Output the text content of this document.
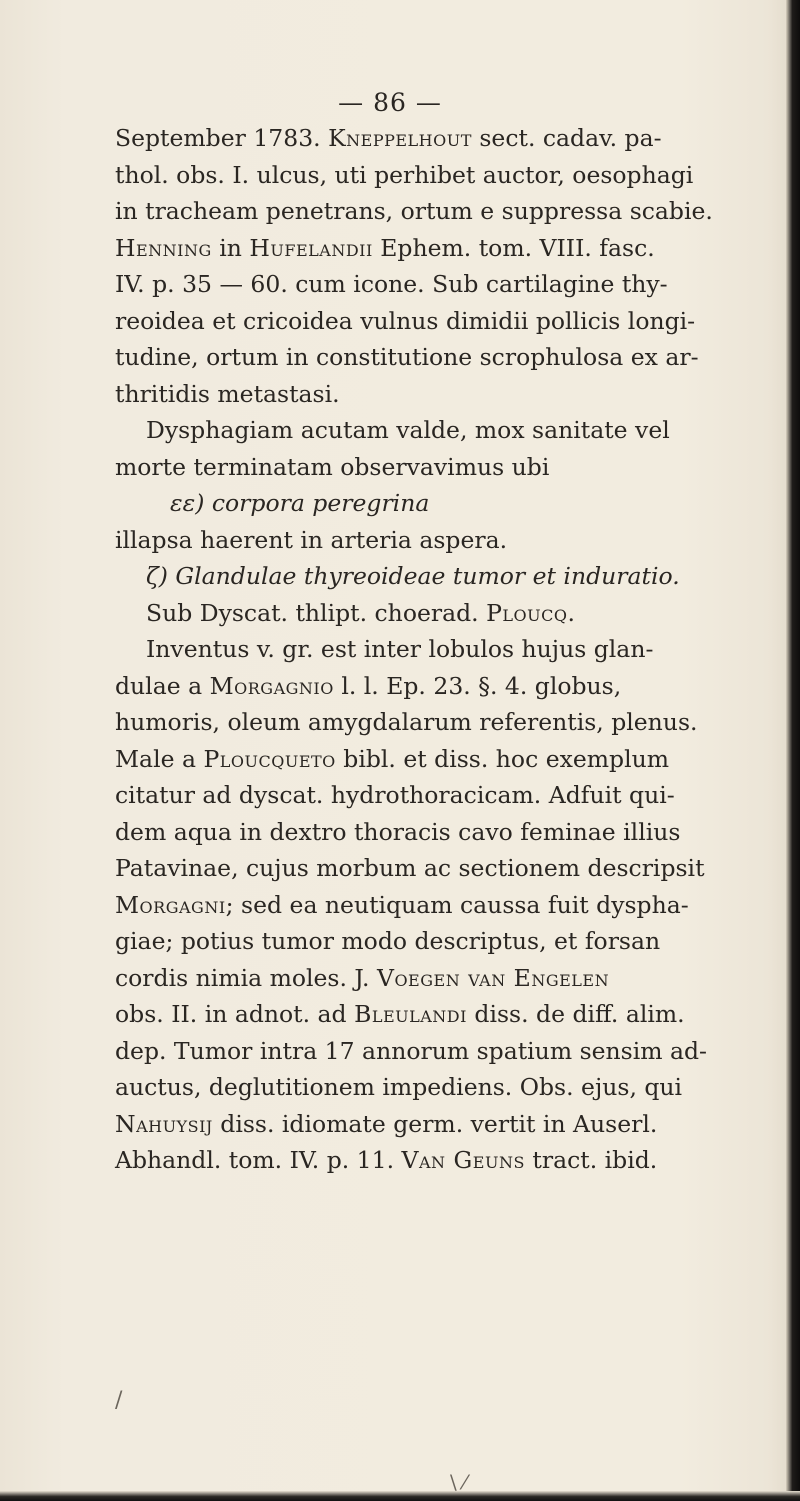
— 86 —
September 1783. Kneppelhout sect. cadav. pa-
thol. obs. I. ulcus, uti perhibet auctor, oesophagi
in tracheam penetrans, ortum e suppressa scabie.
Henning in Hufelandii Ephem. tom. VIII. fasc.
IV. p. 35 — 60. cum icone. Sub cartilagine thy-
reoidea et cricoidea vulnus dimidii pollicis longi-
tudine, ortum in constitutione scrophulosa ex ar-
thritidis metastasi.
Dysphagiam acutam valde, mox sanitate vel
morte terminatam observavimus ubi
εε) corpora peregrina
illapsa haerent in arteria aspera.
ζ) Glandulae thyreoideae tumor et induratio.
Sub Dyscat. thlipt. choerad. Ploucq.
Inventus v. gr. est inter lobulos hujus glan-
dulae a Morgagnio l. l. Ep. 23. §. 4. globus,
humoris, oleum amygdalarum referentis, plenus.
Male a Ploucqueto bibl. et diss. hoc exemplum
citatur ad dyscat. hydrothoracicam. Adfuit qui-
dem aqua in dextro thoracis cavo feminae illius
Patavinae, cujus morbum ac sectionem descripsit
Morgagni; sed ea neutiquam caussa fuit dyspha-
giae; potius tumor modo descriptus, et forsan
cordis nimia moles. J. Voegen van Engelen
obs. II. in adnot. ad Bleulandi diss. de diff. alim.
dep. Tumor intra 17 annorum spatium sensim ad-
auctus, deglutitionem impediens. Obs. ejus, qui
Nahuysij diss. idiomate germ. vertit in Auserl.
Abhandl. tom. IV. p. 11. Van Geuns tract. ibid.
/
\ ⁄
